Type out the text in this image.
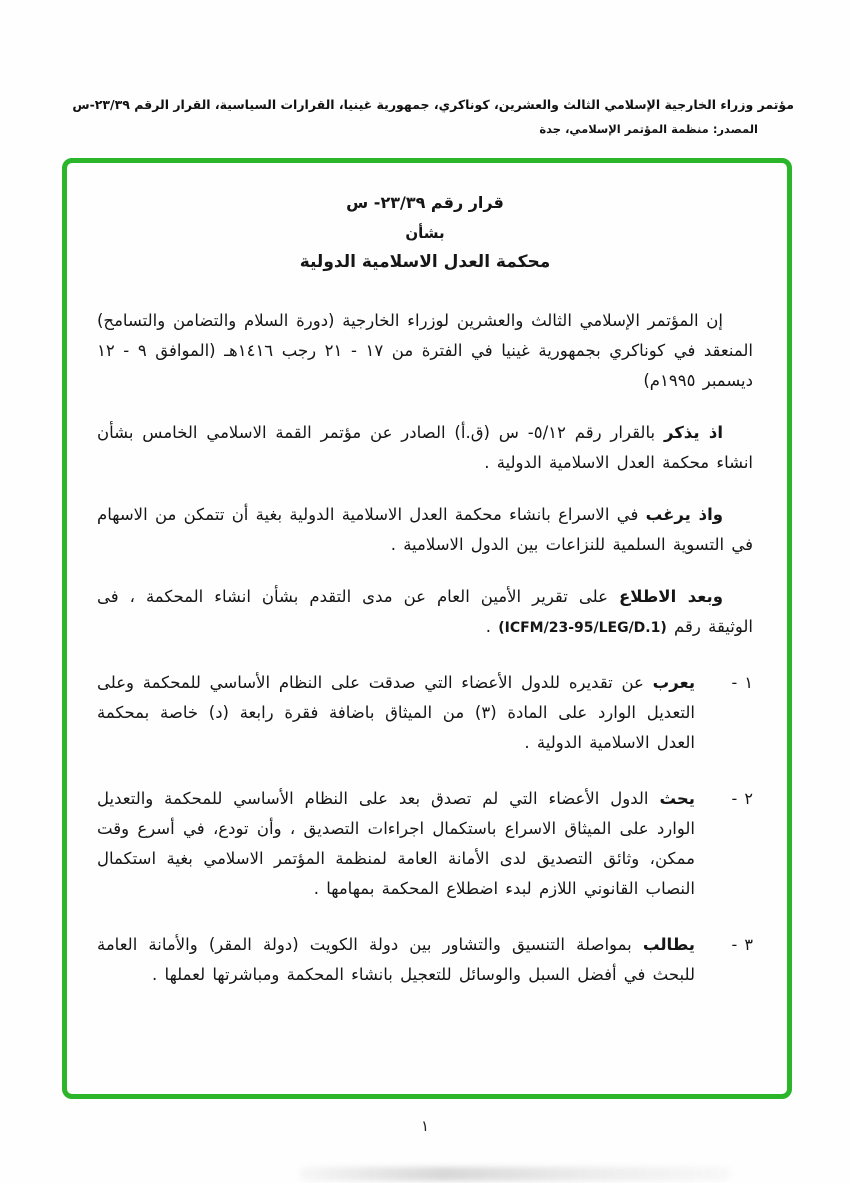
مؤتمر وزراء الخارجية الإسلامي الثالث والعشرين، كوناكري، جمهورية غينيا، القرارات السياسية، القرار الرقم ٢٣/٣٩-س
المصدر: منظمة المؤتمر الإسلامي، جدة
قرار رقم ٢٣/٣٩- س
بشأن
محكمة العدل الاسلامية الدولية

إن المؤتمر الإسلامي الثالث والعشرين لوزراء الخارجية (دورة السلام والتضامن والتسامح) المنعقد في كوناكري بجمهورية غينيا في الفترة من ١٧ - ٢١ رجب ١٤١٦هـ (الموافق ٩ - ١٢ ديسمبر ١٩٩٥م)

اذ يذكر بالقرار رقم ٥/١٢- س (ق.أ) الصادر عن مؤتمر القمة الاسلامي الخامس بشأن انشاء محكمة العدل الاسلامية الدولية .

واذ يرغب في الاسراع بانشاء محكمة العدل الاسلامية الدولية بغية أن تتمكن من الاسهام في التسوية السلمية للنزاعات بين الدول الاسلامية .

وبعد الاطلاع على تقرير الأمين العام عن مدى التقدم بشأن انشاء المحكمة ، فى الوثيقة رقم (ICFM/23-95/LEG/D.1) .

١ -
يعرب عن تقديره للدول الأعضاء التي صدقت على النظام الأساسي للمحكمة وعلى التعديل الوارد على المادة (٣) من الميثاق باضافة فقرة رابعة (د) خاصة بمحكمة العدل الاسلامية الدولية .
٢ -
يحث الدول الأعضاء التي لم تصدق بعد على النظام الأساسي للمحكمة والتعديل الوارد على الميثاق الاسراع باستكمال اجراءات التصديق ، وأن تودع، في أسرع وقت ممكن، وثائق التصديق لدى الأمانة العامة لمنظمة المؤتمر الاسلامي بغية استكمال النصاب القانوني اللازم لبدء اضطلاع المحكمة بمهامها .
٣ -
يطالب بمواصلة التنسيق والتشاور بين دولة الكويت (دولة المقر) والأمانة العامة للبحث في أفضل السبل والوسائل للتعجيل بانشاء المحكمة ومباشرتها لعملها .
١
